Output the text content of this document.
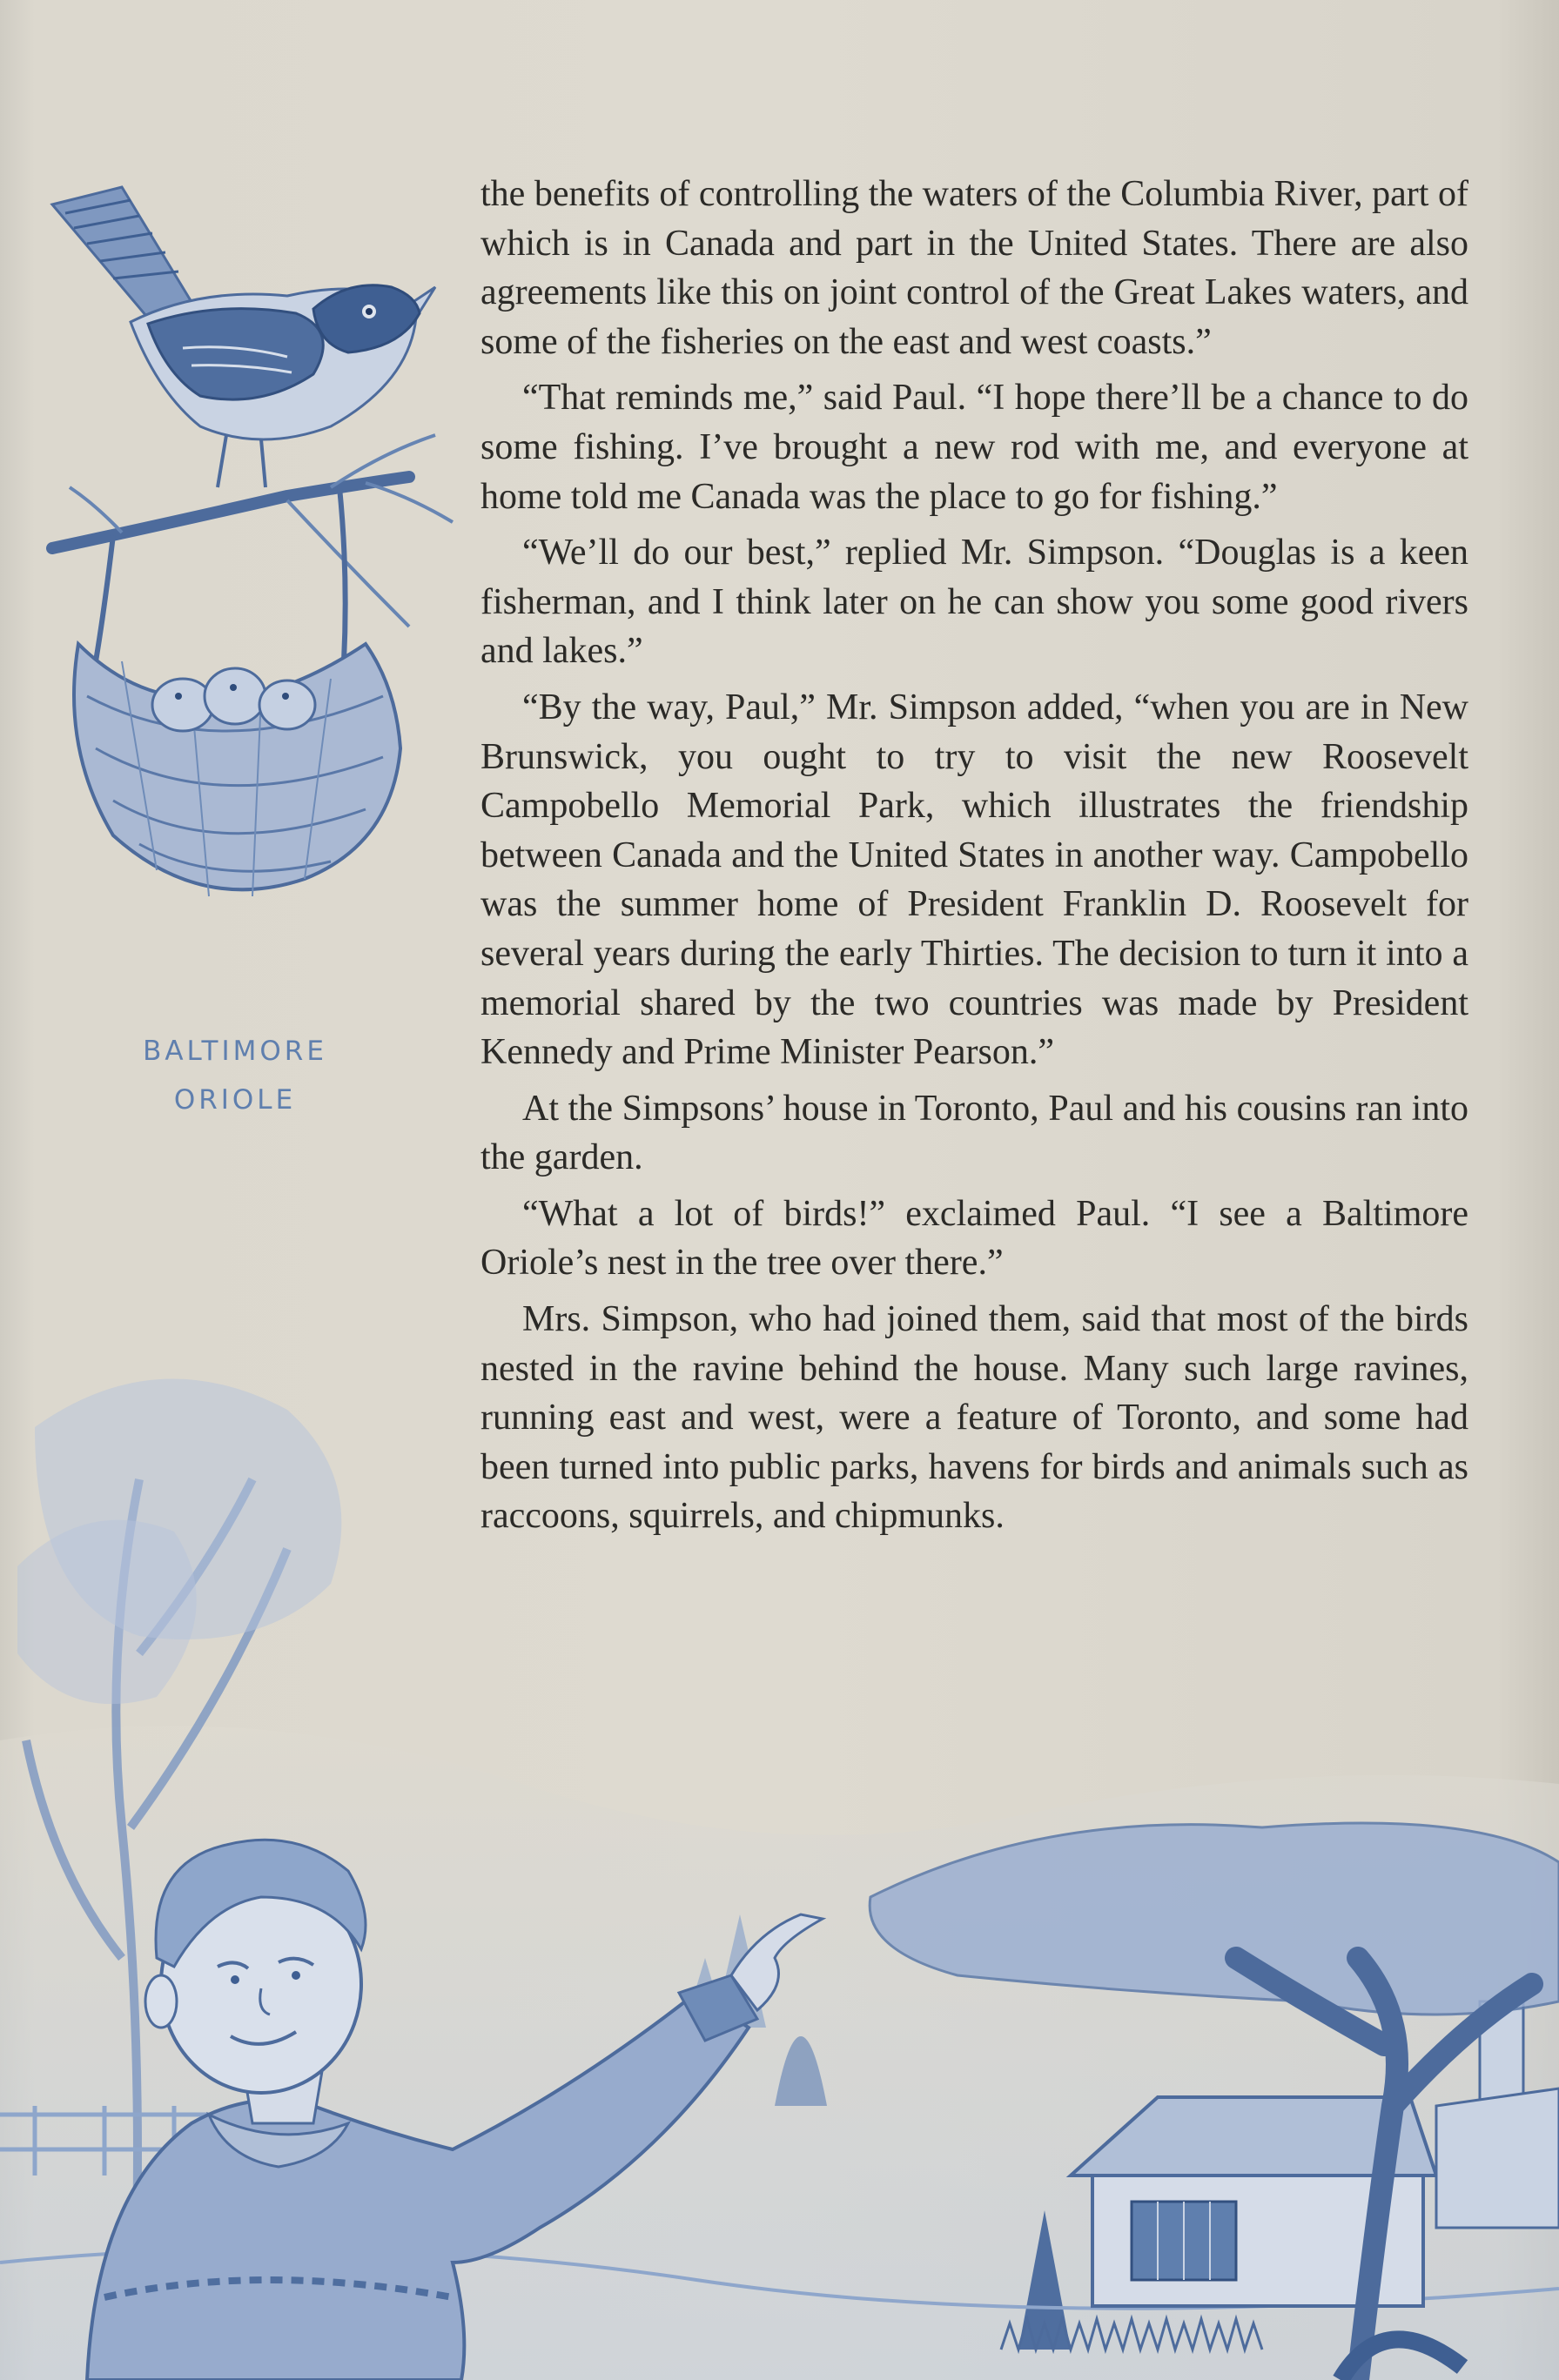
BALTIMORE
ORIOLE

the benefits of controlling the waters of the Columbia River, part of which is in Canada and part in the United States. There are also agreements like this on joint control of the Great Lakes waters, and some of the fisheries on the east and west coasts.”

“That reminds me,” said Paul. “I hope there’ll be a chance to do some fishing. I’ve brought a new rod with me, and everyone at home told me Canada was the place to go for fishing.”

“We’ll do our best,” replied Mr. Simpson. “Douglas is a keen fisherman, and I think later on he can show you some good rivers and lakes.”

“By the way, Paul,” Mr. Simpson added, “when you are in New Brunswick, you ought to try to visit the new Roosevelt Campobello Memorial Park, which illustrates the friendship between Canada and the United States in another way. Campobello was the summer home of President Franklin D. Roosevelt for several years during the early Thirties. The decision to turn it into a memorial shared by the two countries was made by President Kennedy and Prime Minister Pearson.”

At the Simpsons’ house in Toronto, Paul and his cousins ran into the garden.

“What a lot of birds!” exclaimed Paul. “I see a Baltimore Oriole’s nest in the tree over there.”

Mrs. Simpson, who had joined them, said that most of the birds nested in the ravine behind the house. Many such large ravines, running east and west, were a feature of Toronto, and some had been turned into public parks, havens for birds and animals such as raccoons, squirrels, and chipmunks.
